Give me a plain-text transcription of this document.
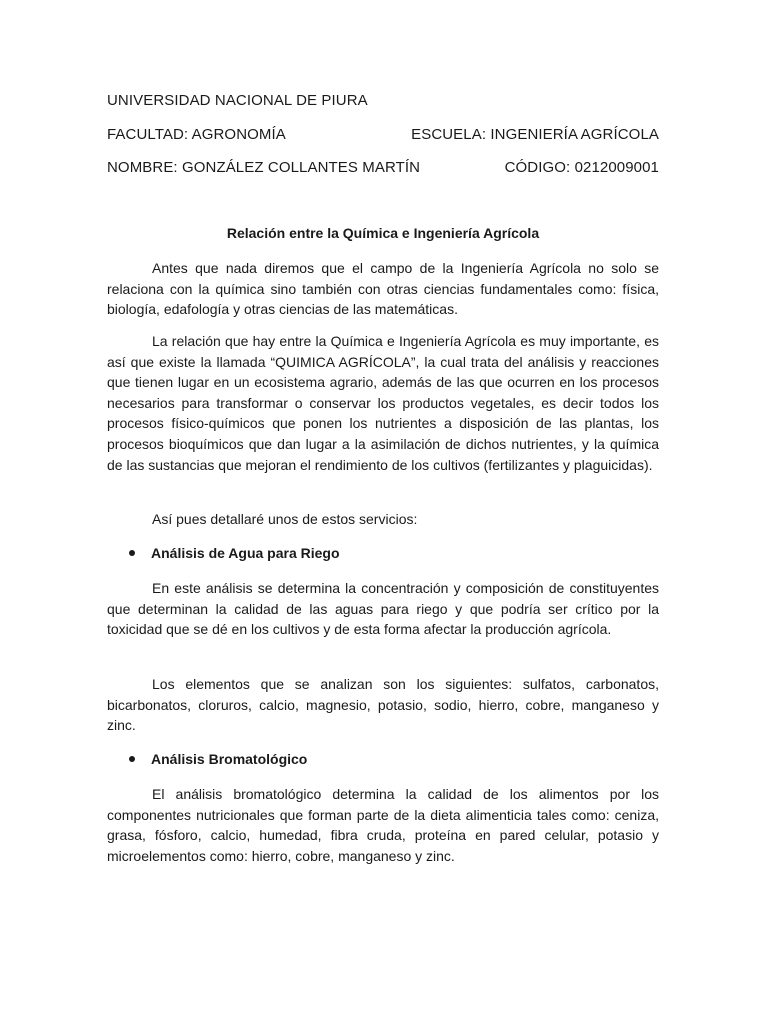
UNIVERSIDAD NACIONAL DE PIURA
FACULTAD: AGRONOMÍA	ESCUELA: INGENIERÍA AGRÍCOLA
NOMBRE: GONZÁLEZ COLLANTES MARTÍN	CÓDIGO: 0212009001
Relación entre la Química e Ingeniería Agrícola

Antes que nada diremos que el campo de la Ingeniería Agrícola no solo se relaciona con la química sino también con otras ciencias fundamentales como: física, biología, edafología y otras ciencias de las matemáticas.

La relación que hay entre la Química e Ingeniería Agrícola es muy importante, es así que existe la llamada “QUIMICA AGRÍCOLA”, la cual trata del análisis y reacciones que tienen lugar en un ecosistema agrario, además de las que ocurren en los procesos necesarios para transformar o conservar los productos vegetales, es decir todos los procesos físico-químicos que ponen los nutrientes a disposición de las plantas, los procesos bioquímicos que dan lugar a la asimilación de dichos nutrientes, y la química de las sustancias que mejoran el rendimiento de los cultivos (fertilizantes y plaguicidas).

Así pues detallaré unos de estos servicios:

Análisis de Agua para Riego

En este análisis se determina la concentración y composición de constituyentes que determinan la calidad de las aguas para riego y que podría ser crítico por la toxicidad que se dé en los cultivos y de esta forma afectar la producción agrícola.

Los elementos que se analizan son los siguientes: sulfatos, carbonatos, bicarbonatos, cloruros, calcio, magnesio, potasio, sodio, hierro, cobre, manganeso y zinc.

Análisis Bromatológico

El análisis bromatológico determina la calidad de los alimentos por los componentes nutricionales que forman parte de la dieta alimenticia tales como: ceniza, grasa, fósforo, calcio, humedad, fibra cruda, proteína en pared celular, potasio y microelementos como: hierro, cobre, manganeso y zinc.
